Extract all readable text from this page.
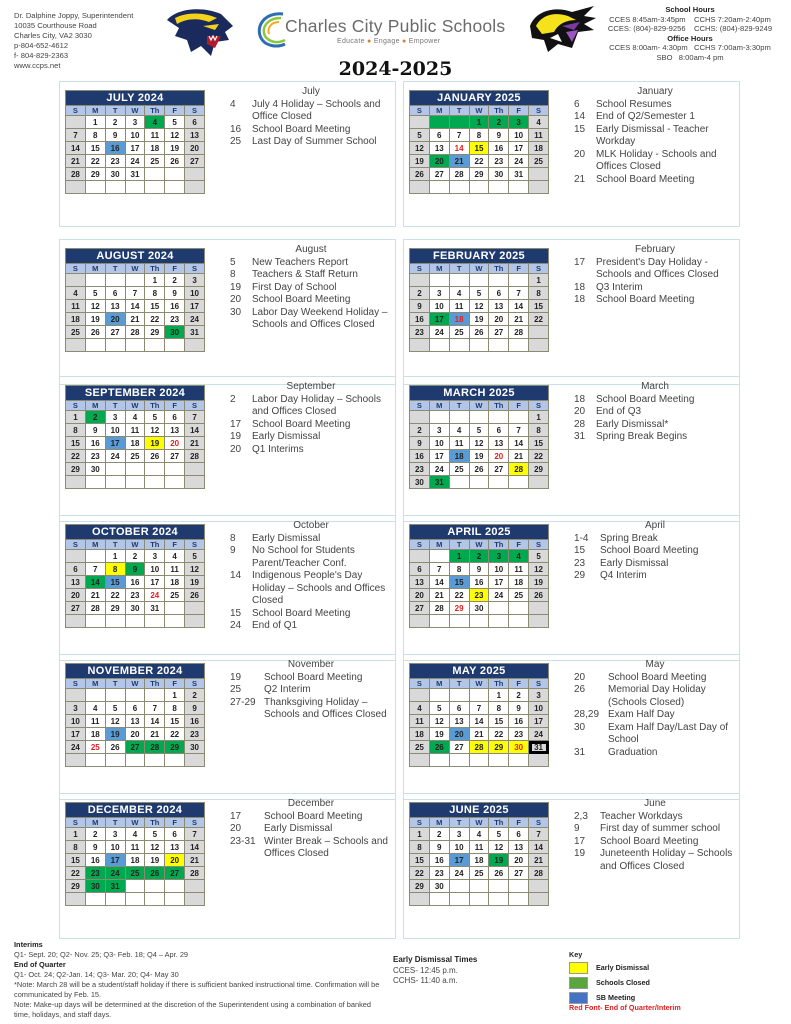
Dr. Dalphine Joppy, Superintendent
10035 Courthouse Road
Charles City, VA2 3030
p-804-652-4612
f- 804-829-2363
www.ccps.net
Charles City Public Schools
Educate ● Engage ● Empower
School Hours
CCES 8:45am-3:45pm    CCHS 7:20am-2:40pm
CCES: (804)-829-9256    CCHS: (804)-829-9249
Office Hours
CCES 8:00am- 4:30pm   CCHS 7:00am-3:30pm
SBO   8:00am-4 pm
2024-2025
JULY 2024						
S	M	T	W	Th	F	S
	1	2	3	4	5	6
7	8	9	10	11	12	13
14	15	16	17	18	19	20
21	22	23	24	25	26	27
28	29	30	31			

July
4	July 4 Holiday – Schools and Office Closed
16	School Board Meeting
25	Last Day of Summer School
JANUARY 2025						
S	M	T	W	Th	F	S
			1	2	3	4
5	6	7	8	9	10	11
12	13	14	15	16	17	18
19	20	21	22	23	24	25
26	27	28	29	30	31	

January
6	School Resumes
14	End of Q2/Semester 1
15	Early Dismissal - Teacher Workday
20	MLK Holiday - Schools and Offices Closed
21	School Board Meeting
AUGUST 2024						
S	M	T	W	Th	F	S
				1	2	3
4	5	6	7	8	9	10
11	12	13	14	15	16	17
18	19	20	21	22	23	24
25	26	27	28	29	30	31

August
5	New Teachers Report
8	Teachers & Staff Return
19	First Day of School
20	School Board Meeting
30	Labor Day Weekend Holiday – Schools and Offices Closed
FEBRUARY 2025						
S	M	T	W	Th	F	S
						1
2	3	4	5	6	7	8
9	10	11	12	13	14	15
16	17	18	19	20	21	22
23	24	25	26	27	28	

February
17	President's Day Holiday - Schools and Offices Closed
18	Q3 Interim
18	School Board Meeting
SEPTEMBER 2024						
S	M	T	W	Th	F	S
1	2	3	4	5	6	7
8	9	10	11	12	13	14
15	16	17	18	19	20	21
22	23	24	25	26	27	28
29	30					

September
2	Labor Day Holiday – Schools and Offices Closed
17	School Board Meeting
19	Early Dismissal
20	Q1 Interims
MARCH 2025						
S	M	T	W	Th	F	S
						1
2	3	4	5	6	7	8
9	10	11	12	13	14	15
16	17	18	19	20	21	22
23	24	25	26	27	28	29
30	31					
March
18	School Board Meeting
20	End of Q3
28	Early Dismissal*
31	Spring Break Begins
OCTOBER 2024						
S	M	T	W	Th	F	S
		1	2	3	4	5
6	7	8	9	10	11	12
13	14	15	16	17	18	19
20	21	22	23	24	25	26
27	28	29	30	31		

October
8	Early Dismissal
9	No School for Students Parent/Teacher Conf.
14	Indigenous People's Day Holiday – Schools and Offices Closed
15	School Board Meeting
24	End of Q1
APRIL 2025						
S	M	T	W	Th	F	S
		1	2	3	4	5
6	7	8	9	10	11	12
13	14	15	16	17	18	19
20	21	22	23	24	25	26
27	28	29	30			

April
1-4	Spring Break
15	School Board Meeting
23	Early Dismissal
29	Q4 Interim
NOVEMBER 2024						
S	M	T	W	Th	F	S
					1	2
3	4	5	6	7	8	9
10	11	12	13	14	15	16
17	18	19	20	21	22	23
24	25	26	27	28	29	30

November
19	School Board Meeting
25	Q2 Interim
27-29 Thanksgiving Holiday – Schools and Offices Closed
MAY 2025						
S	M	T	W	Th	F	S
				1	2	3
4	5	6	7	8	9	10
11	12	13	14	15	16	17
18	19	20	21	22	23	24
25	26	27	28	29	30	31

May
20	School Board Meeting
26	Memorial Day Holiday (Schools Closed)
28,29 Exam Half Day
30	Exam Half Day/Last Day of School
31	Graduation
DECEMBER 2024						
S	M	T	W	Th	F	S
1	2	3	4	5	6	7
8	9	10	11	12	13	14
15	16	17	18	19	20	21
22	23	24	25	26	27	28
29	30	31				

December
17	School Board Meeting
20	Early Dismissal
23-31 Winter Break – Schools and Offices Closed
JUNE 2025						
S	M	T	W	Th	F	S
1	2	3	4	5	6	7
8	9	10	11	12	13	14
15	16	17	18	19	20	21
22	23	24	25	26	27	28
29	30					

June
2,3	Teacher Workdays
9	First day of summer school
17	School Board Meeting
19	Juneteenth Holiday – Schools and Offices Closed
Interims
Q1- Sept. 20; Q2- Nov. 25; Q3- Feb. 18; Q4 – Apr. 29
End of Quarter
Q1- Oct. 24; Q2-Jan. 14; Q3- Mar. 20; Q4- May 30
*Note: March 28 will be a student/staff holiday if there is sufficient banked instructional time. Confirmation will be communicated by Feb. 15.
Note: Make-up days will be determined at the discretion of the Superintendent using a combination of banked time, holidays, and staff days.
Early Dismissal Times
CCES- 12:45 p.m.
CCHS- 11:40 a.m.
Key
Early Dismissal
Schools Closed
SB Meeting
Red Font- End of Quarter/Interim
